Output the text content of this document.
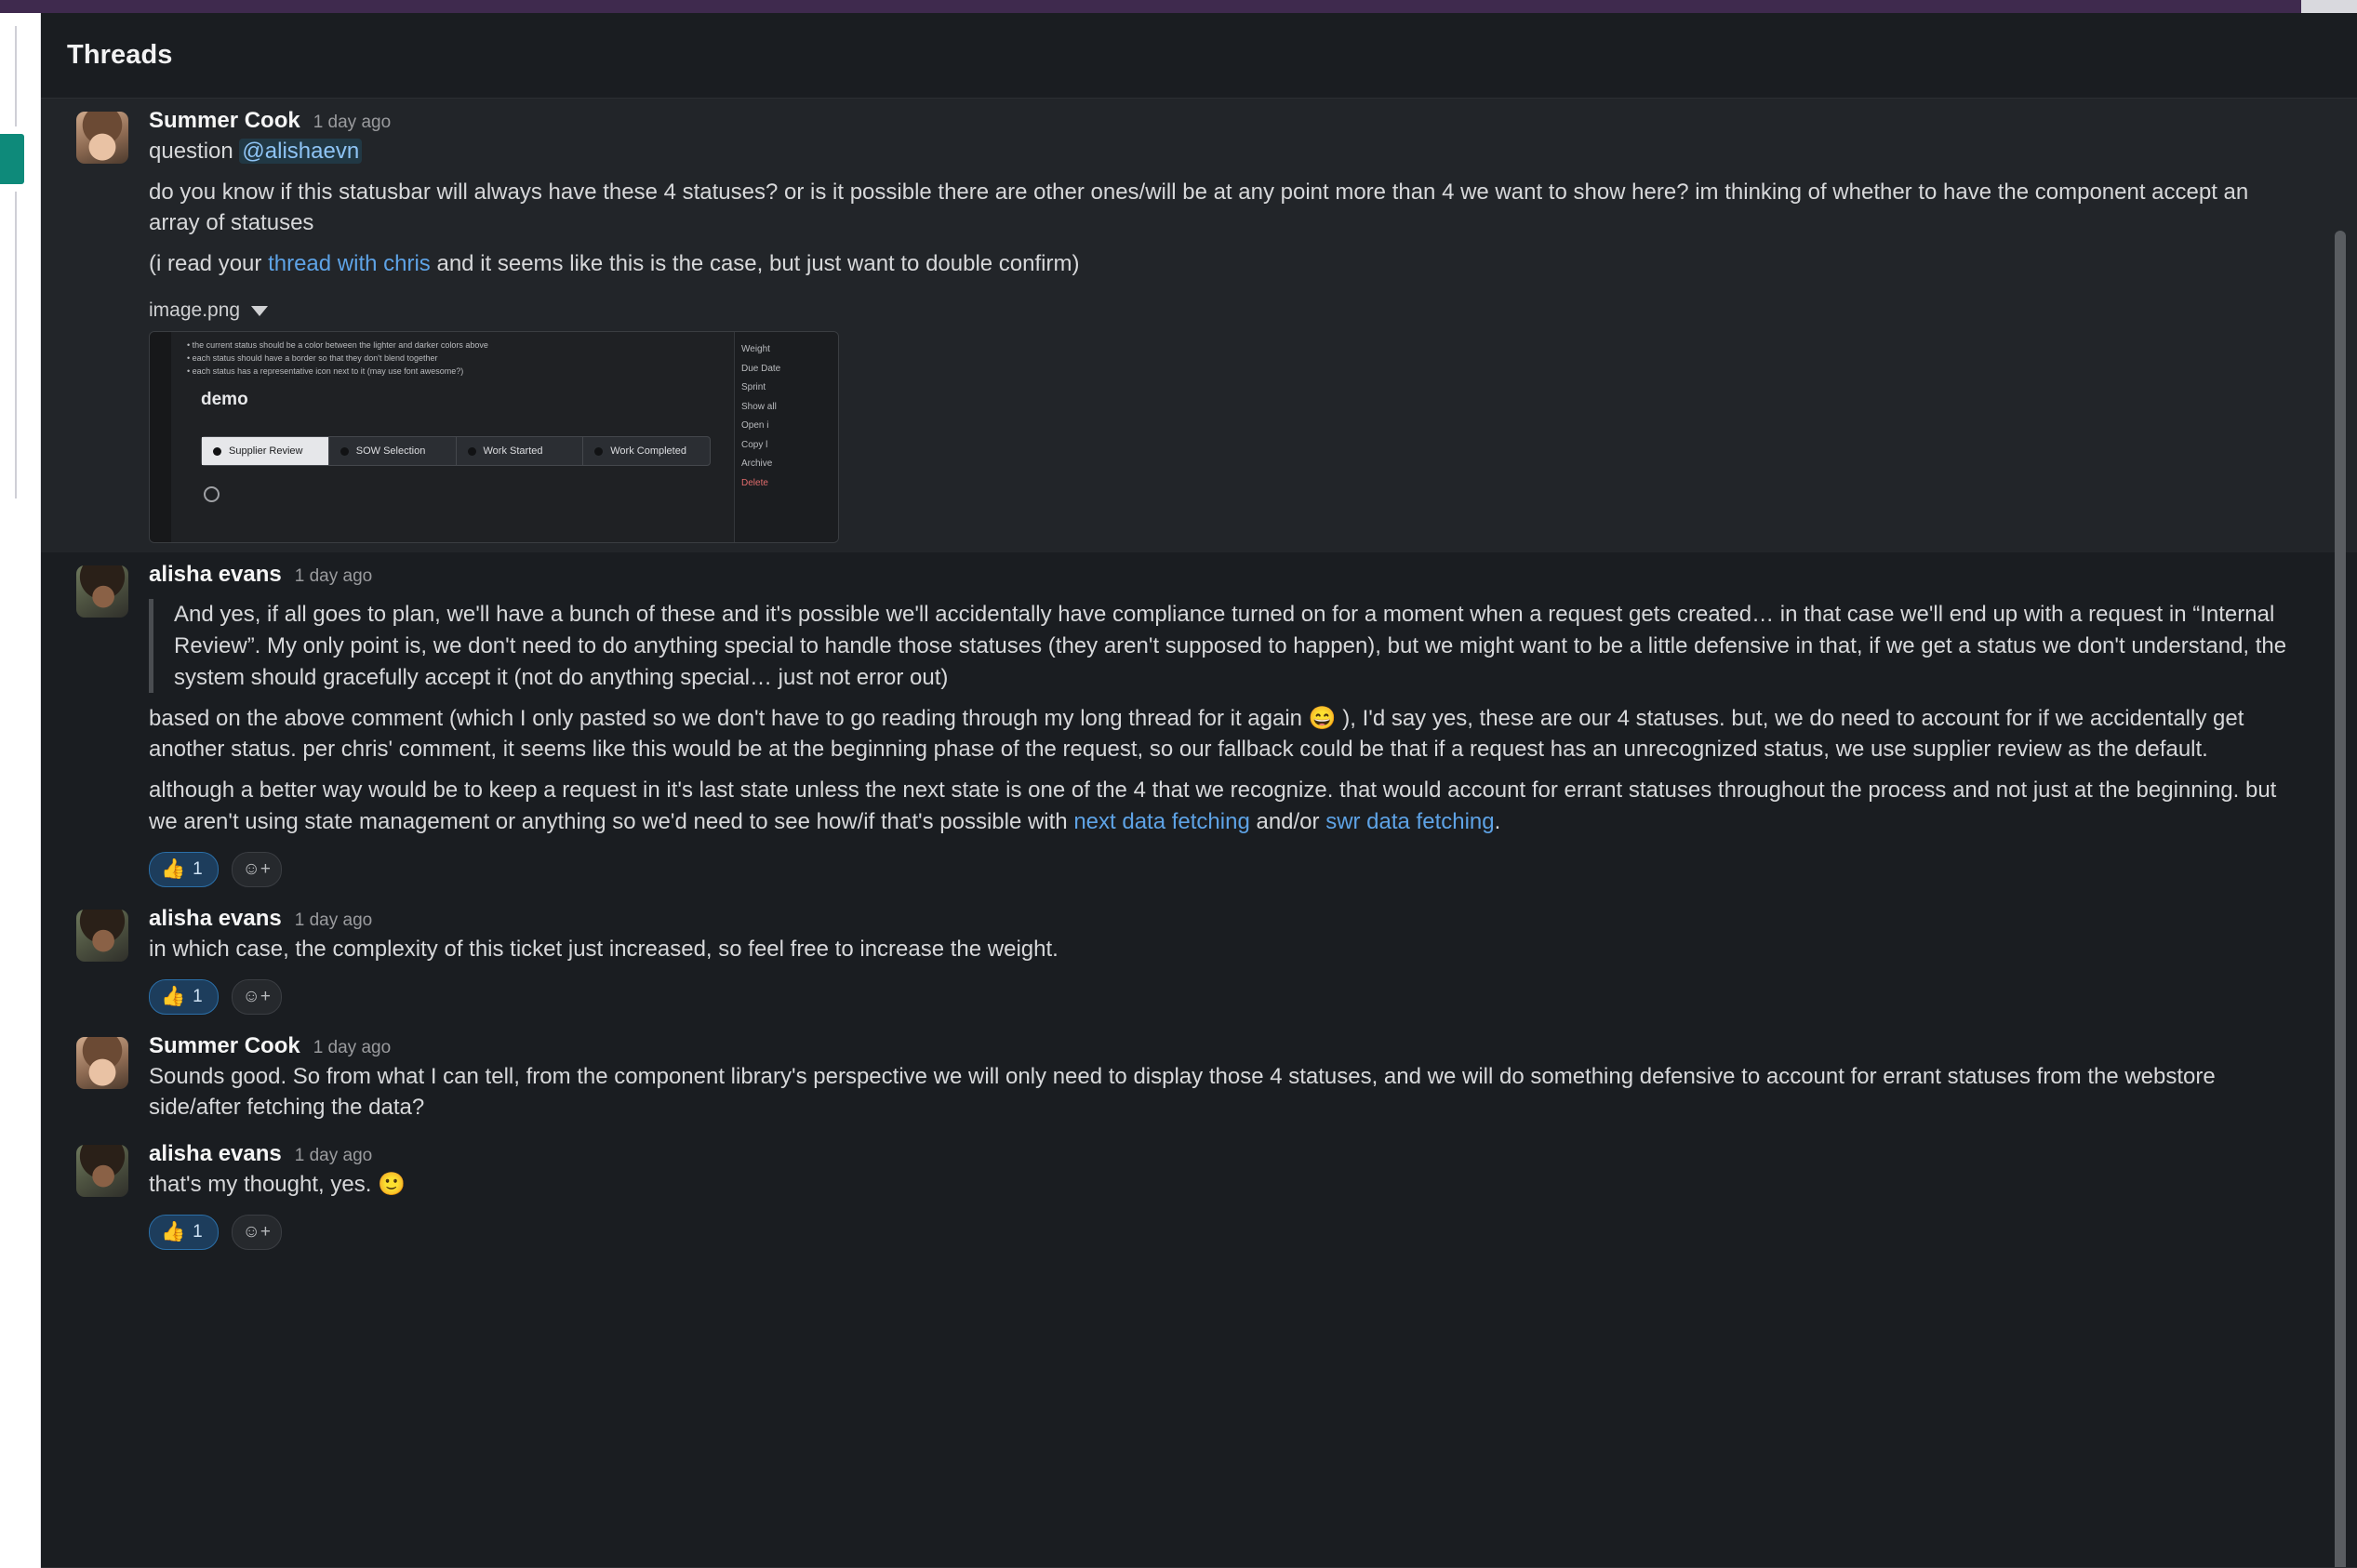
Threads
Summer Cook 1 day ago

question @alishaevn

do you know if this statusbar will always have these 4 statuses? or is it possible there are other ones/will be at any point more than 4 we want to show here? im thinking of whether to have the component accept an array of statuses

(i read your thread with chris and it seems like this is the case, but just want to double confirm)

image.png
• the current status should be a color between the lighter and darker colors above
• each status should have a border so that they don't blend together
• each status has a representative icon next to it (may use font awesome?)
demo
Supplier Review	SOW Selection	Work Started	Work Completed
Weight
Due Date
Sprint
Show all
Open i
Copy l
Archive
Delete
alisha evans 1 day ago

And yes, if all goes to plan, we'll have a bunch of these and it's possible we'll accidentally have compliance turned on for a moment when a request gets created… in that case we'll end up with a request in “Internal Review”. My only point is, we don't need to do anything special to handle those statuses (they aren't supposed to happen), but we might want to be a little defensive in that, if we get a status we don't understand, the system should gracefully accept it (not do anything special… just not error out)

based on the above comment (which I only pasted so we don't have to go reading through my long thread for it again 😄 ), I'd say yes, these are our 4 statuses. but, we do need to account for if we accidentally get another status. per chris' comment, it seems like this would be at the beginning phase of the request, so our fallback could be that if a request has an unrecognized status, we use supplier review as the default.

although a better way would be to keep a request in it's last state unless the next state is one of the 4 that we recognize. that would account for errant statuses throughout the process and not just at the beginning. but we aren't using state management or anything so we'd need to see how/if that's possible with next data fetching and/or swr data fetching.

👍 1	☺+
alisha evans 1 day ago

in which case, the complexity of this ticket just increased, so feel free to increase the weight.

👍 1	☺+
Summer Cook 1 day ago

Sounds good. So from what I can tell, from the component library's perspective we will only need to display those 4 statuses, and we will do something defensive to account for errant statuses from the webstore side/after fetching the data?

alisha evans 1 day ago

that's my thought, yes. 🙂

👍 1	☺+
